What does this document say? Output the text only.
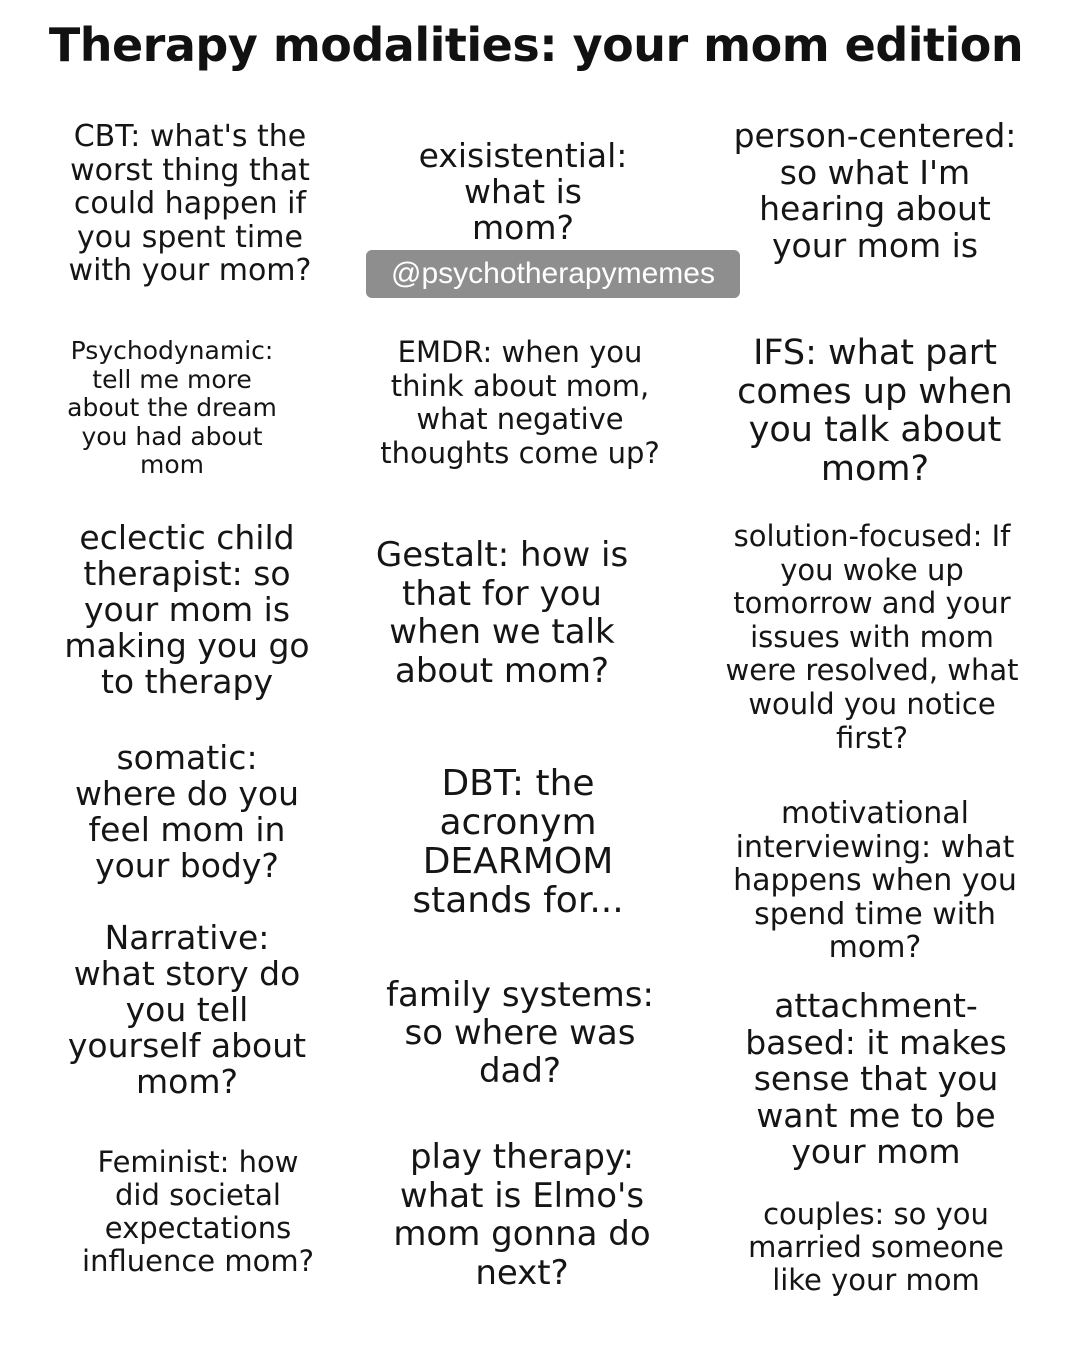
Therapy modalities: your mom edition
CBT: what's the
worst thing that
could happen if
you spent time
with your mom?
Psychodynamic:
tell me more
about the dream
you had about
mom
eclectic child
therapist: so
your mom is
making you go
to therapy
somatic:
where do you
feel mom in
your body?
Narrative:
what story do
you tell
yourself about
mom?
Feminist: how
did societal
expectations
influence mom?
exisistential:
what is
mom?
@psychotherapymemes
EMDR: when you
think about mom,
what negative
thoughts come up?
Gestalt: how is
that for you
when we talk
about mom?
DBT: the
acronym
DEARMOM
stands for...
family systems:
so where was
dad?
play therapy:
what is Elmo's
mom gonna do
next?
person-centered:
so what I'm
hearing about
your mom is
IFS: what part
comes up when
you talk about
mom?
solution-focused: If
you woke up
tomorrow and your
issues with mom
were resolved, what
would you notice
first?
motivational
interviewing: what
happens when you
spend time with
mom?
attachment-
based: it makes
sense that you
want me to be
your mom
couples: so you
married someone
like your mom
